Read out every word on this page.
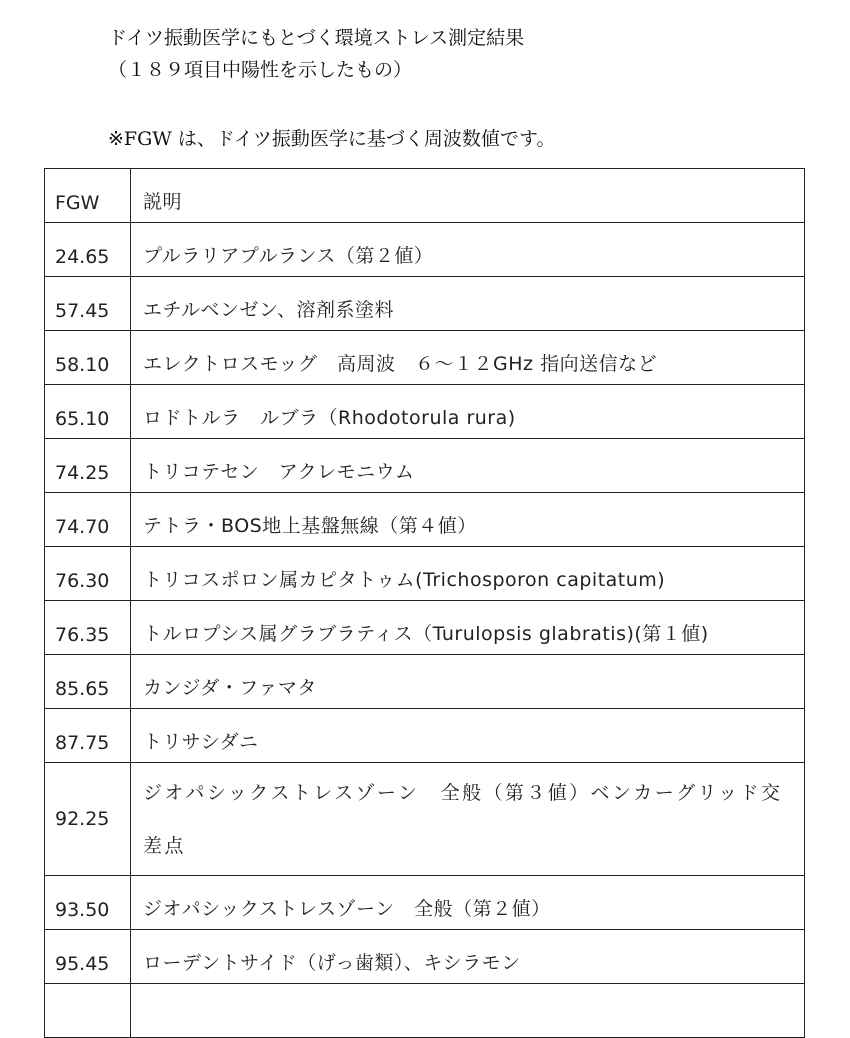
ドイツ振動医学にもとづく環境ストレス測定結果
（１８９項目中陽性を示したもの）
※FGW は、ドイツ振動医学に基づく周波数値です。
FGW	説明
24.65	プルラリアプルランス（第２値）
57.45	エチルベンゼン、溶剤系塗料
58.10	エレクトロスモッグ　高周波　６～１２GHz 指向送信など
65.10	ロドトルラ　ルブラ（Rhodotorula rura)
74.25	トリコテセン　アクレモニウム
74.70	テトラ・BOS地上基盤無線（第４値）
76.30	トリコスポロン属カピタトゥム(Trichosporon capitatum)
76.35	トルロプシス属グラブラティス（Turulopsis glabratis)(第１値)
85.65	カンジダ・ファマタ
87.75	トリサシダニ
92.25	ジオパシックストレスゾーン　全般（第３値）ベンカーグリッド交差点
93.50	ジオパシックストレスゾーン　全般（第２値）
95.45	ローデントサイド（げっ歯類）、キシラモン
